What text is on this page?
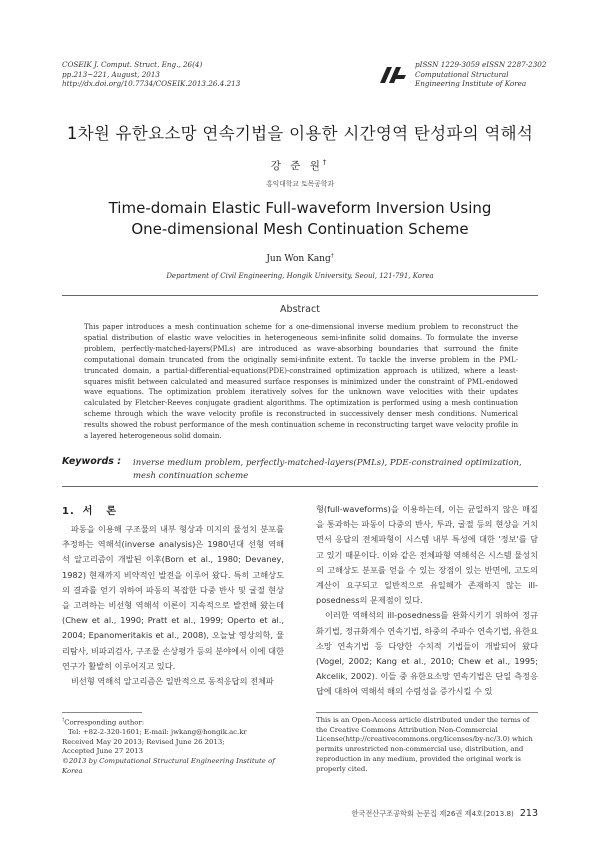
COSEIK J. Comput. Struct. Eng., 26(4)
pp.213~221, August, 2013
http://dx.doi.org/10.7734/COSEIK.2013.26.4.213
pISSN 1229-3059 eISSN 2287-2302
Computational Structural
Engineering Institute of Korea
1차원 유한요소망 연속기법을 이용한 시간영역 탄성파의 역해석
강 준 원†
홍익대학교 토목공학과
Time-domain Elastic Full-waveform Inversion Using
One-dimensional Mesh Continuation Scheme
Jun Won Kang†
Department of Civil Engineering, Hongik University, Seoul, 121-791, Korea
Abstract
This paper introduces a mesh continuation scheme for a one-dimensional inverse medium problem to reconstruct the spatial distribution of elastic wave velocities in heterogeneous semi-infinite solid domains. To formulate the inverse problem, perfectly-matched-layers(PMLs) are introduced as wave-absorbing boundaries that surround the finite computational domain truncated from the originally semi-infinite extent. To tackle the inverse problem in the PML-truncated domain, a partial-differential-equations(PDE)-constrained optimization approach is utilized, where a least-squares misfit between calculated and measured surface responses is minimized under the constraint of PML-endowed wave equations. The optimization problem iteratively solves for the unknown wave velocities with their updates calculated by Fletcher-Reeves conjugate gradient algorithms. The optimization is performed using a mesh continuation scheme through which the wave velocity profile is reconstructed in successively denser mesh conditions. Numerical results showed the robust performance of the mesh continuation scheme in reconstructing target wave velocity profile in a layered heterogeneous solid domain.
Keywords : inverse medium problem, perfectly-matched-layers(PMLs), PDE-constrained optimization, mesh continuation scheme
1. 서론

파동을 이용해 구조물의 내부 형상과 미지의 물성치 분포를 추정하는 역해석(inverse analysis)은 1980년대 선형 역해석 알고리즘이 개발된 이후(Born et al., 1980; Devaney, 1982) 현재까지 비약적인 발전을 이루어 왔다. 특히 고해상도의 결과를 얻기 위하여 파동의 복잡한 다중 반사 및 굴절 현상을 고려하는 비선형 역해석 이론이 지속적으로 발전해 왔는데(Chew et al., 1990; Pratt et al., 1999; Operto et al., 2004; Epanomeritakis et al., 2008), 오늘날 영상의학, 물리탐사, 비파괴검사, 구조물 손상평가 등의 분야에서 이에 대한 연구가 활발히 이루어지고 있다.

비선형 역해석 알고리즘은 일반적으로 동적응답의 전체파

형(full-waveforms)을 이용하는데, 이는 균일하지 않은 매질을 통과하는 파동이 다중의 반사, 투과, 굴절 등의 현상을 거치면서 응답의 전체파형이 시스템 내부 특성에 대한 '정보'를 담고 있기 때문이다. 이와 같은 전체파형 역해석은 시스템 물성치의 고해상도 분포를 얻을 수 있는 장점이 있는 반면에, 고도의 계산이 요구되고 일반적으로 유일해가 존재하지 않는 ill-posedness의 문제점이 있다.

이러한 역해석의 ill-posedness를 완화시키기 위하여 정규화기법, 정규화계수 연속기법, 하중의 주파수 연속기법, 유한요소망 연속기법 등 다양한 수치적 기법들이 개발되어 왔다(Vogel, 2002; Kang et al., 2010; Chew et al., 1995; Akcelik, 2002). 이들 중 유한요소망 연속기법은 단일 측정응답에 대하여 역해석 해의 수렴성을 증가시킬 수 있

†Corresponding author:
Tel: +82-2-320-1601; E-mail: jwkang@hongik.ac.kr
Received May 20 2013; Revised June 26 2013;
Accepted June 27 2013
©2013 by Computational Structural Engineering Institute of Korea
This is an Open-Access article distributed under the terms of the Creative Commons Attribution Non-Commercial License(http://creativecommons.org/licenses/by-nc/3.0) which permits unrestricted non-commercial use, distribution, and reproduction in any medium, provided the original work is properly cited.
한국전산구조공학회 논문집 제26권 제4호(2013.8) 213
